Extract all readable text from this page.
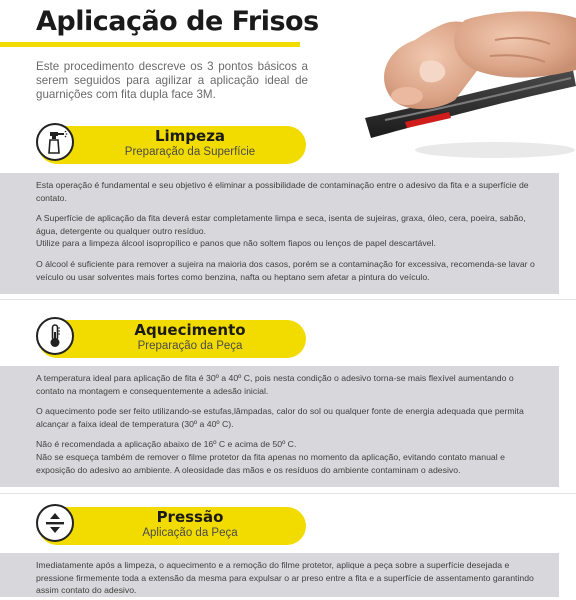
Aplicação de Frisos
Este procedimento descreve os 3 pontos básicos a serem seguidos para agilizar a aplicação ideal de guarnições com fita dupla face 3M.
Limpeza
Preparação da Superfície

Esta operação é fundamental e seu objetivo é eliminar a possibilidade de contaminação entre o adesivo da fita e a superfície de contato.

A Superfície de aplicação da fita deverá estar completamente limpa e seca, isenta de sujeiras, graxa, óleo, cera, poeira, sabão, água, detergente ou qualquer outro resíduo.
Utilize para a limpeza álcool isopropílico e panos que não soltem fiapos ou lenços de papel descartável.

O álcool é suficiente para remover a sujeira na maioria dos casos, porém se a contaminação for excessiva, recomenda-se lavar o veículo ou usar solventes mais fortes como benzina, nafta ou heptano sem afetar a pintura do veículo.

Aquecimento
Preparação da Peça

A temperatura ideal para aplicação de fita é 30º a 40º C, pois nesta condição o adesivo torna-se mais flexível aumentando o contato na montagem e consequentemente a adesão inicial.

O aquecimento pode ser feito utilizando-se estufas,lâmpadas, calor do sol ou qualquer fonte de energia adequada que permita alcançar a faixa ideal de temperatura (30º a 40º C).

Não é recomendada a aplicação abaixo de 16º C e acima de 50º C.
Não se esqueça também de remover o filme protetor da fita apenas no momento da aplicação, evitando contato manual e exposição do adesivo ao ambiente. A oleosidade das mãos e os resíduos do ambiente contaminam o adesivo.

Pressão
Aplicação da Peça

Imediatamente após a limpeza, o aquecimento e a remoção do filme protetor, aplique a peça sobre a superfície desejada e pressione firmemente toda a extensão da mesma para expulsar o ar preso entre a fita e a superfície de assentamento garantindo assim contato do adesivo.
